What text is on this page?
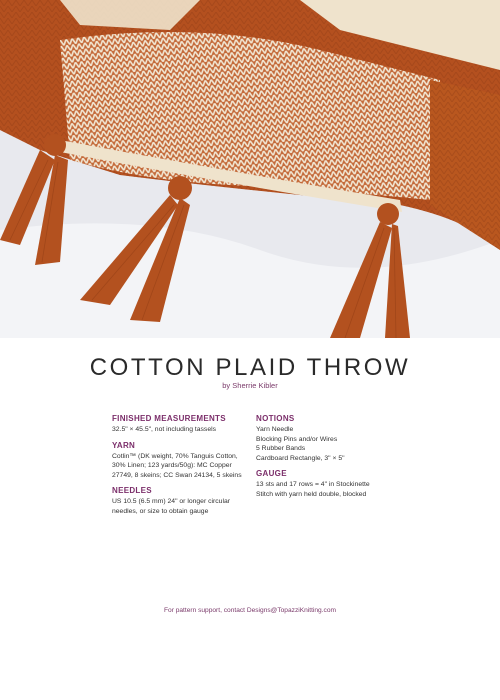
COTTON PLAID THROW
by Sherrie Kibler
FINISHED MEASUREMENTS
32.5" × 45.5", not including tassels
YARN
Cotlin™ (DK weight, 70% Tanguis Cotton,
30% Linen; 123 yards/50g): MC Copper
27749, 8 skeins; CC Swan 24134, 5 skeins
NEEDLES
US 10.5 (6.5 mm) 24" or longer circular
needles, or size to obtain gauge
NOTIONS
Yarn Needle
Blocking Pins and/or Wires
5 Rubber Bands
Cardboard Rectangle, 3" × 5"
GAUGE
13 sts and 17 rows = 4" in Stockinette
Stitch with yarn held double, blocked
For pattern support, contact Designs@TopazziKnitting.com
